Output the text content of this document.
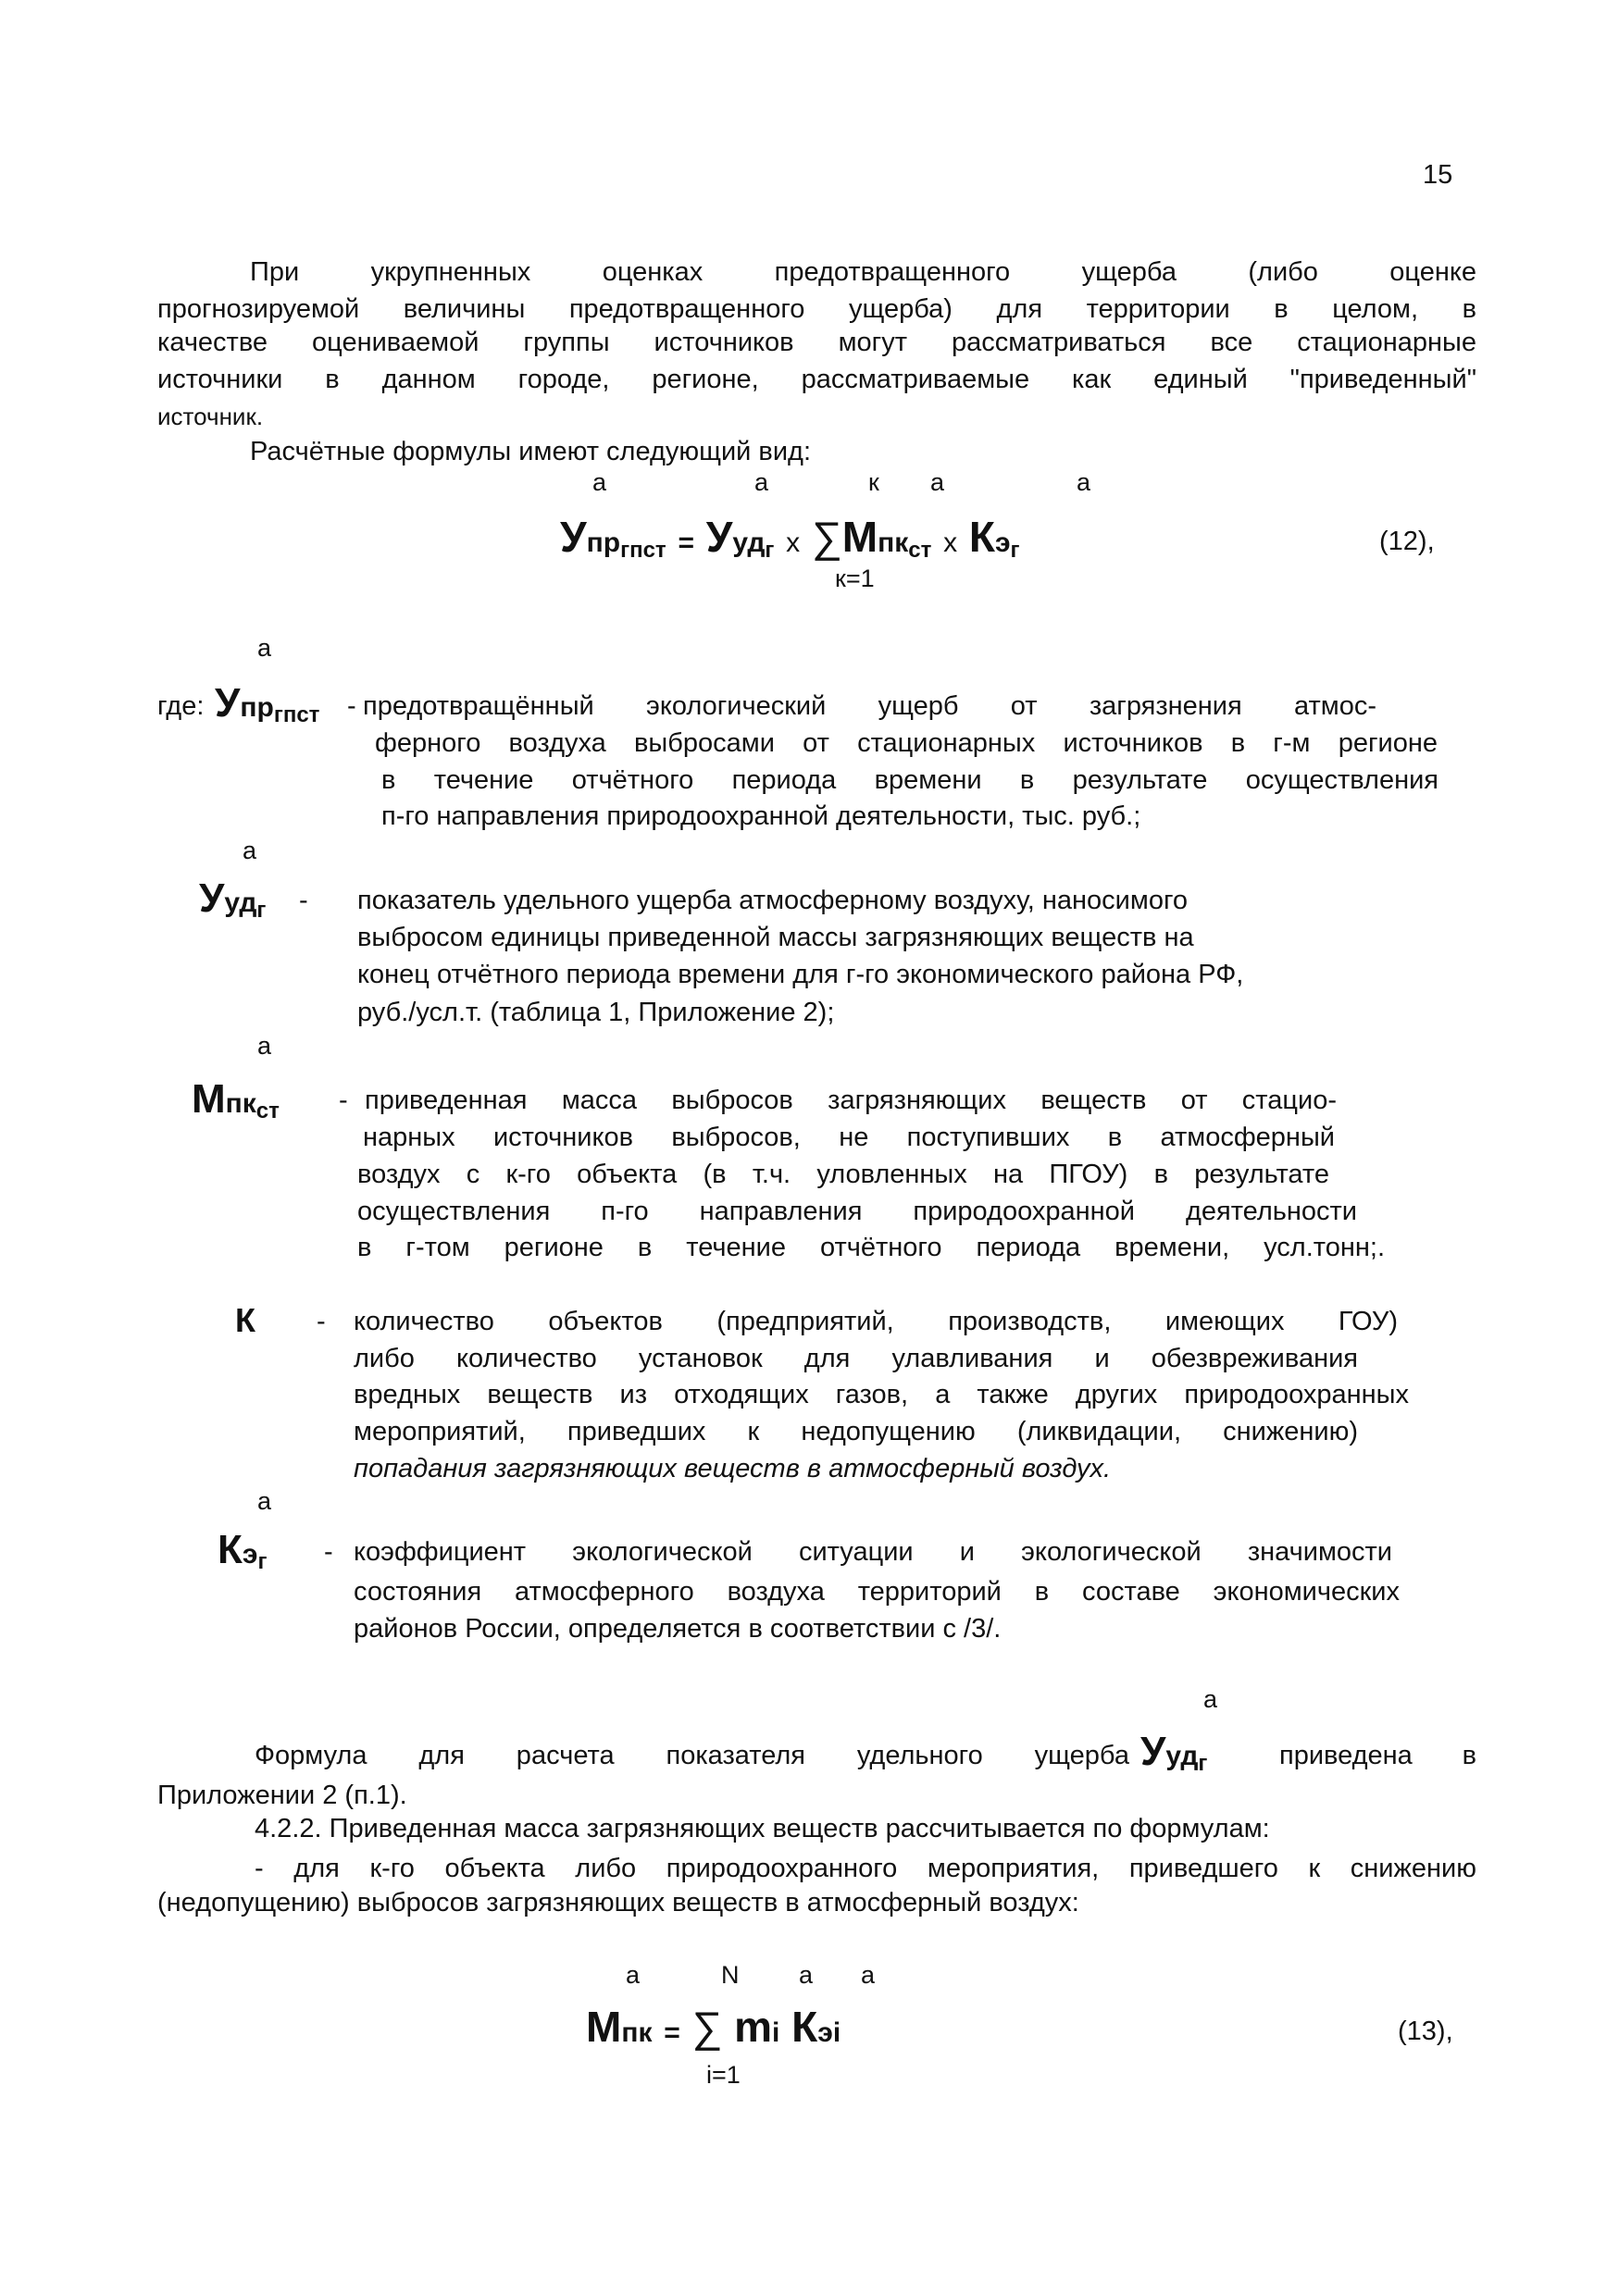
15
При укрупненных оценках предотвращенного ущерба (либо оценке
прогнозируемой величины предотвращенного ущерба) для территории в целом, в
качестве оцениваемой группы источников могут рассматриваться все стационарные
источники в данном городе, регионе, рассматриваемые как единый "приведенный"
источник.
Расчётные формулы имеют следующий вид:
а	а	к а	а
Упр$_{гпст}$ = Ууд$_г$ х ∑Мпк$_{ст}$ х $Кэ_г$	(12),
к=1
а
где: Упр$_{гпст}$ - предотвращённый экологический ущерб от загрязнения атмос-
ферного воздуха выбросами от стационарных источников в г-м регионе
в течение отчётного периода времени в результате осуществления
п-го направления природоохранной деятельности, тыс. руб.;
а
Ууд$_г$ - показатель удельного ущерба атмосферному воздуху, наносимого
выбросом единицы приведенной массы загрязняющих веществ на
конец отчётного периода времени для г-го экономического района РФ,
руб./усл.т. (таблица 1, Приложение 2);
а
Мпк$_{ст}$ - приведенная масса выбросов загрязняющих веществ от стацио-
нарных источников выбросов, не поступивших в атмосферный
воздух с к-го объекта (в т.ч. уловленных на ПГОУ) в результате
осуществления п-го направления природоохранной деятельности
в г-том регионе в течение отчётного периода времени, усл.тонн;.
К - количество объектов (предприятий, производств, имеющих ГОУ)
либо количество установок для улавливания и обезвреживания
вредных веществ из отходящих газов, а также других природоохранных
мероприятий, приведших к недопущению (ликвидации, снижению)
попадания загрязняющих веществ в атмосферный воздух.
а
$Кэ_г$ - коэффициент экологической ситуации и экологической значимости
состояния атмосферного воздуха территорий в составе экономических
районов России, определяется в соответствии с /3/.
а
Формула для расчета показателя удельного ущерба Ууд$_г$	приведена в
Приложении 2 (п.1).
4.2.2. Приведенная масса загрязняющих веществ рассчитывается по формулам:
- для к-го объекта либо природоохранного мероприятия, приведшего к снижению
(недопущению) выбросов загрязняющих веществ в атмосферный воздух:
а	N а а
Мпк = ∑ mi Кэi	(13),
i=1
